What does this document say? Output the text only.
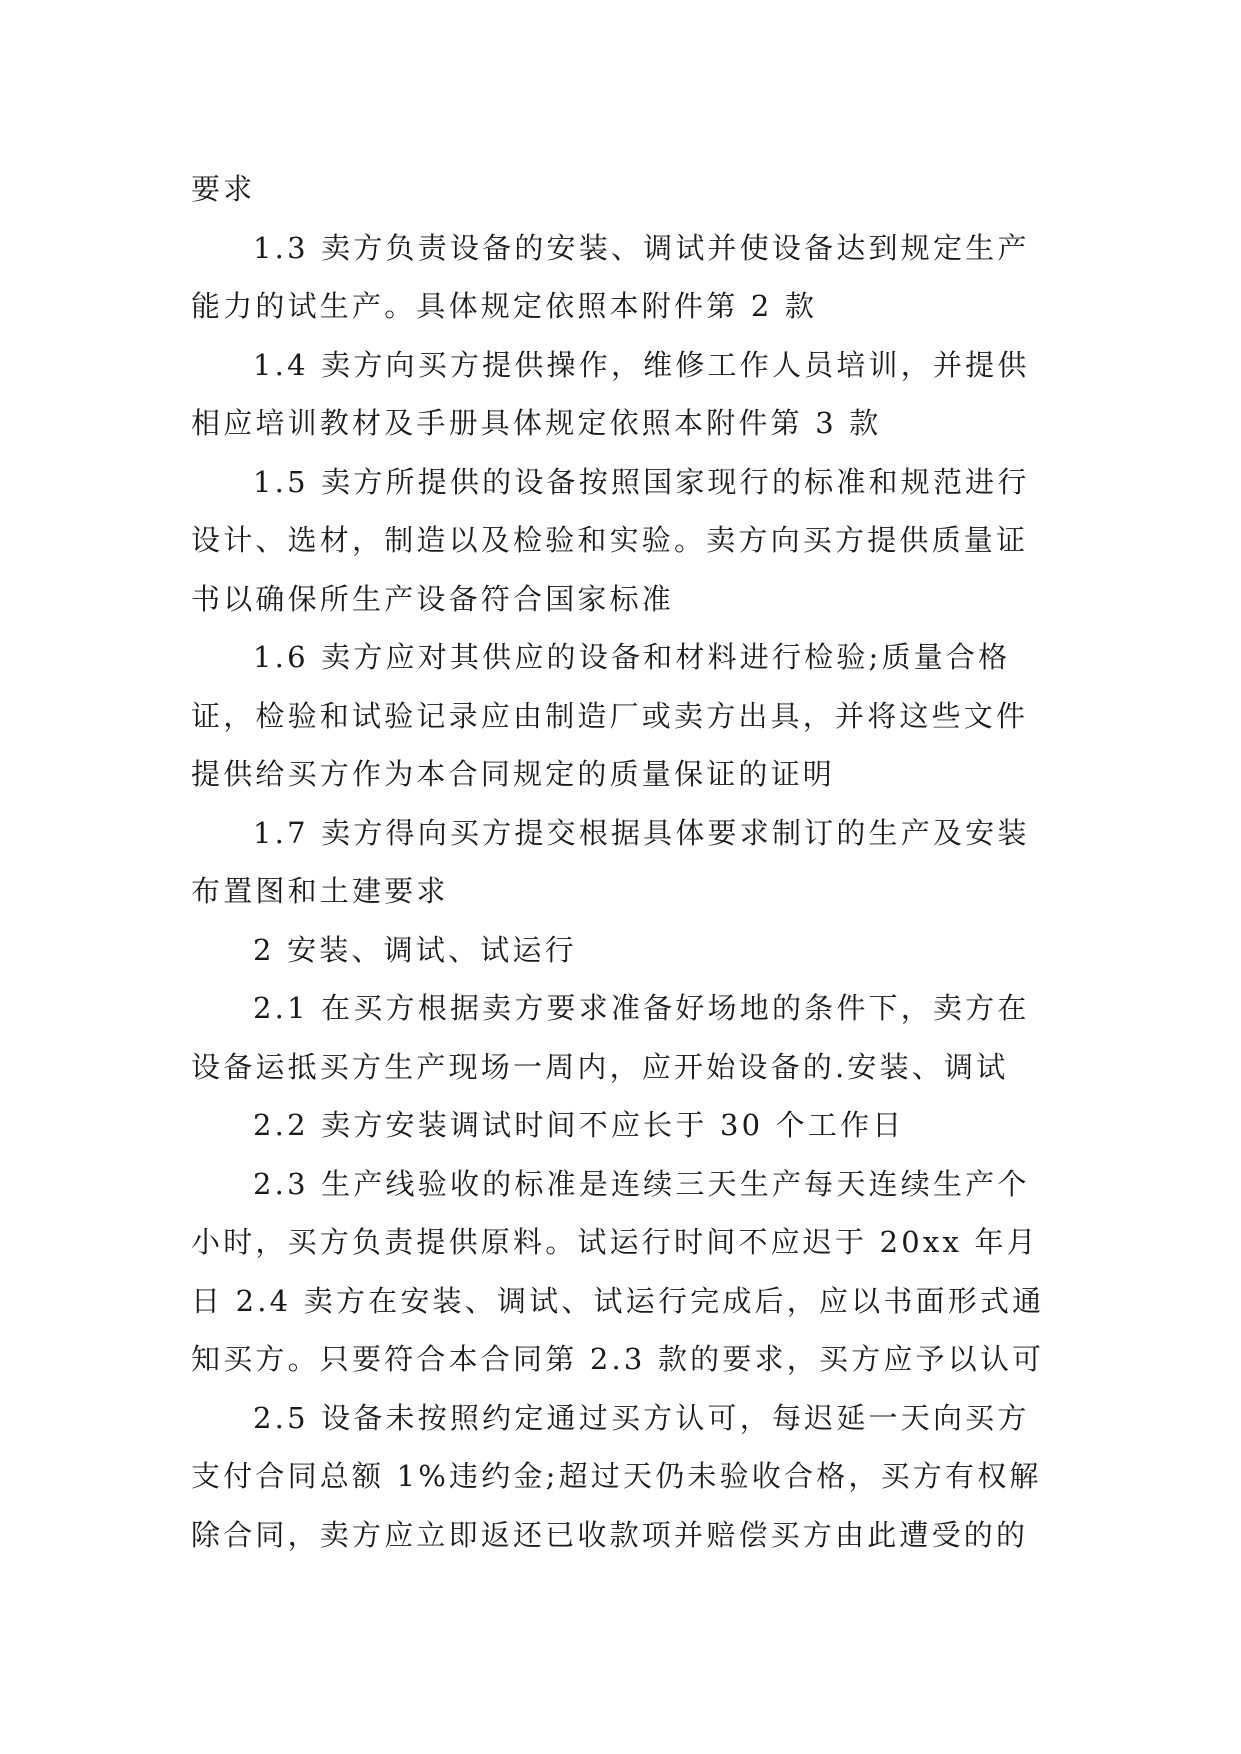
要求
1.3 卖方负责设备的安装、调试并使设备达到规定生产
能力的试生产。具体规定依照本附件第 2 款
1.4 卖方向买方提供操作，维修工作人员培训，并提供
相应培训教材及手册具体规定依照本附件第 3 款
1.5 卖方所提供的设备按照国家现行的标准和规范进行
设计、选材，制造以及检验和实验。卖方向买方提供质量证
书以确保所生产设备符合国家标准
1.6 卖方应对其供应的设备和材料进行检验;质量合格
证，检验和试验记录应由制造厂或卖方出具，并将这些文件
提供给买方作为本合同规定的质量保证的证明
1.7 卖方得向买方提交根据具体要求制订的生产及安装
布置图和土建要求
2 安装、调试、试运行
2.1 在买方根据卖方要求准备好场地的条件下，卖方在
设备运抵买方生产现场一周内，应开始设备的.安装、调试
2.2 卖方安装调试时间不应长于 30 个工作日
2.3 生产线验收的标准是连续三天生产每天连续生产个
小时，买方负责提供原料。试运行时间不应迟于 20xx 年月
日 2.4 卖方在安装、调试、试运行完成后，应以书面形式通
知买方。只要符合本合同第 2.3 款的要求，买方应予以认可
2.5 设备未按照约定通过买方认可，每迟延一天向买方
支付合同总额 1%违约金;超过天仍未验收合格，买方有权解
除合同，卖方应立即返还已收款项并赔偿买方由此遭受的的
